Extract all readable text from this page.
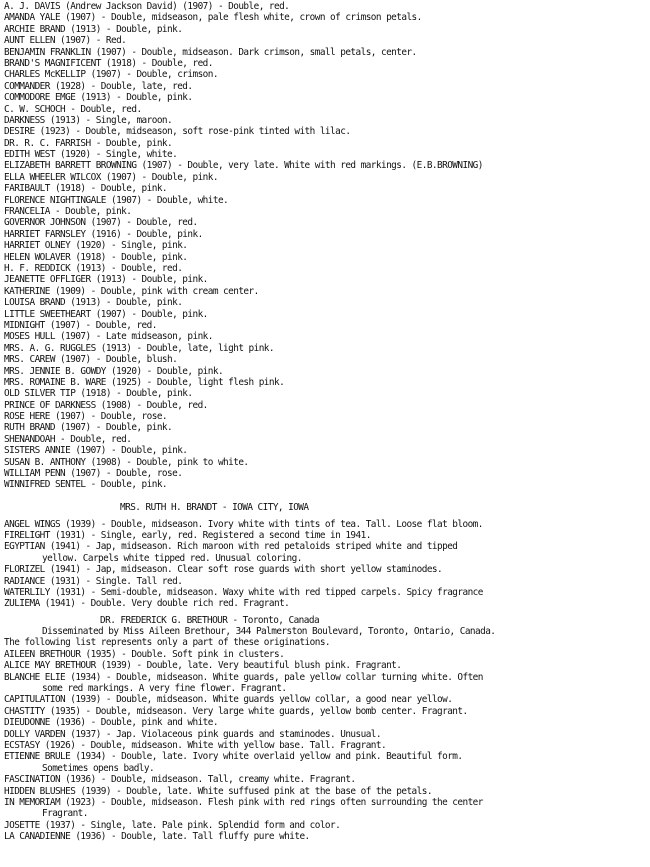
A. J. DAVIS (Andrew Jackson David) (1907) - Double, red.
AMANDA YALE (1907) - Double, midseason, pale flesh white, crown of crimson petals.
ARCHIE BRAND (1913) - Double, pink.
AUNT ELLEN (1907) - Red.
BENJAMIN FRANKLIN (1907) - Double, midseason. Dark crimson, small petals, center.
BRAND'S MAGNIFICENT (1918) - Double, red.
CHARLES McKELLIP (1907) - Double, crimson.
COMMANDER (1928) - Double, late, red.
COMMODORE EMGE (1913) - Double, pink.
C. W. SCHOCH - Double, red.
DARKNESS (1913) - Single, maroon.
DESIRE (1923) - Double, midseason, soft rose-pink tinted with lilac.
DR. R. C. FARRISH - Double, pink.
EDITH WEST (1920) - Single, white.
ELIZABETH BARRETT BROWNING (1907) - Double, very late. White with red markings. (E.B.BROWNING)
ELLA WHEELER WILCOX (1907) - Double, pink.
FARIBAULT (1918) - Double, pink.
FLORENCE NIGHTINGALE (1907) - Double, white.
FRANCELIA - Double, pink.
GOVERNOR JOHNSON (1907) - Double, red.
HARRIET FARNSLEY (1916) - Double, pink.
HARRIET OLNEY (1920) - Single, pink.
HELEN WOLAVER (1918) - Double, pink.
H. F. REDDICK (1913) - Double, red.
JEANETTE OFFLIGER (1913) - Double, pink.
KATHERINE (1909) - Double, pink with cream center.
LOUISA BRAND (1913) - Double, pink.
LITTLE SWEETHEART (1907) - Double, pink.
MIDNIGHT (1907) - Double, red.
MOSES HULL (1907) - Late midseason, pink.
MRS. A. G. RUGGLES (1913) - Double, late, light pink.
MRS. CAREW (1907) - Double, blush.
MRS. JENNIE B. GOWDY (1920) - Double, pink.
MRS. ROMAINE B. WARE (1925) - Double, light flesh pink.
OLD SILVER TIP (1918) - Double, pink.
PRINCE OF DARKNESS (1908) - Double, red.
ROSE HERE (1907) - Double, rose.
RUTH BRAND (1907) - Double, pink.
SHENANDOAH - Double, red.
SISTERS ANNIE (1907) - Double, pink.
SUSAN B. ANTHONY (1908) - Double, pink to white.
WILLIAM PENN (1907) - Double, rose.
WINNIFRED SENTEL - Double, pink.
MRS. RUTH H. BRANDT - IOWA CITY, IOWA
ANGEL WINGS (1939) - Double, midseason. Ivory white with tints of tea. Tall. Loose flat bloom.
FIRELIGHT (1931) - Single, early, red. Registered a second time in 1941.
EGYPTIAN (1941) - Jap, midseason. Rich maroon with red petaloids striped white and tipped
yellow. Carpels white tipped red. Unusual coloring.
FLORIZEL (1941) - Jap, midseason. Clear soft rose guards with short yellow staminodes.
RADIANCE (1931) - Single. Tall red.
WATERLILY (1931) - Semi-double, midseason. Waxy white with red tipped carpels. Spicy fragrance
ZULIEMA (1941) - Double. Very double rich red. Fragrant.
DR. FREDERICK G. BRETHOUR - Toronto, Canada
Disseminated by Miss Aileen Brethour, 344 Palmerston Boulevard, Toronto, Ontario, Canada.
The following list represents only a part of these originations.
AILEEN BRETHOUR (1935) - Double. Soft pink in clusters.
ALICE MAY BRETHOUR (1939) - Double, late. Very beautiful blush pink. Fragrant.
BLANCHE ELIE (1934) - Double, midseason. White guards, pale yellow collar turning white. Often
some red markings. A very fine flower. Fragrant.
CAPITULATION (1939) - Double, midseason. White guards yellow collar, a good near yellow.
CHASTITY (1935) - Double, midseason. Very large white guards, yellow bomb center. Fragrant.
DIEUDONNE (1936) - Double, pink and white.
DOLLY VARDEN (1937) - Jap. Violaceous pink guards and staminodes. Unusual.
ECSTASY (1926) - Double, midseason. White with yellow base. Tall. Fragrant.
ETIENNE BRULE (1934) - Double, late. Ivory white overlaid yellow and pink. Beautiful form.
Sometimes opens badly.
FASCINATION (1936) - Double, midseason. Tall, creamy white. Fragrant.
HIDDEN BLUSHES (1939) - Double, late. White suffused pink at the base of the petals.
IN MEMORIAM (1923) - Double, midseason. Flesh pink with red rings often surrounding the center
Fragrant.
JOSETTE (1937) - Single, late. Pale pink. Splendid form and color.
LA CANADIENNE (1936) - Double, late. Tall fluffy pure white.
